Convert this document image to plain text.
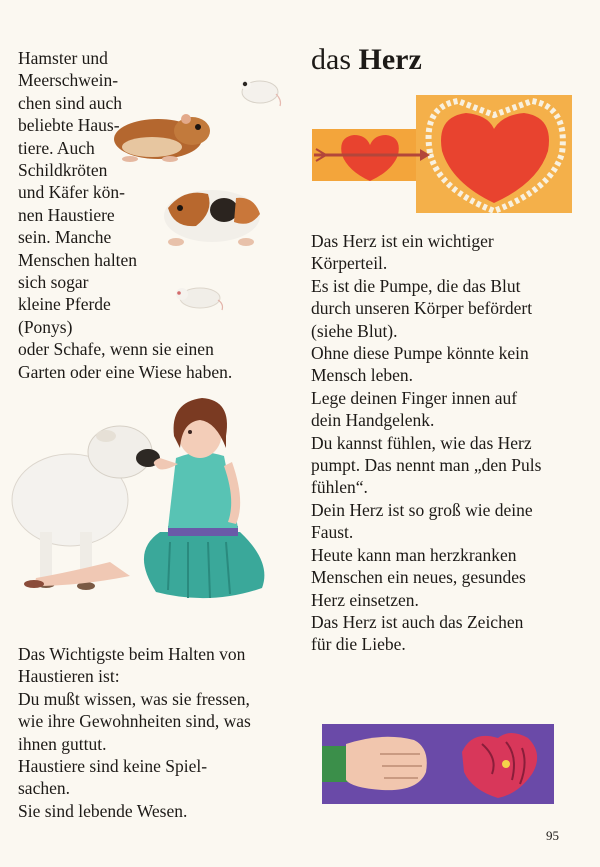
Hamster und
Meerschwein-
chen sind auch
beliebte Haus-
tiere. Auch
Schildkröten
und Käfer kön-
nen Haustiere
sein. Manche
Menschen halten
sich sogar
kleine Pferde
(Ponys)
oder Schafe, wenn sie einen
Garten oder eine Wiese haben.
Das Wichtigste beim Halten von
Haustieren ist:
Du mußt wissen, was sie fressen,
wie ihre Gewohnheiten sind, was
ihnen guttut.
Haustiere sind keine Spiel-
sachen.
Sie sind lebende Wesen.
das Herz
Das Herz ist ein wichtiger
Körperteil.
Es ist die Pumpe, die das Blut
durch unseren Körper befördert
(siehe Blut).
Ohne diese Pumpe könnte kein
Mensch leben.
Lege deinen Finger innen auf
dein Handgelenk.
Du kannst fühlen, wie das Herz
pumpt. Das nennt man „den Puls
fühlen“.
Dein Herz ist so groß wie deine
Faust.
Heute kann man herzkranken
Menschen ein neues, gesundes
Herz einsetzen.
Das Herz ist auch das Zeichen
für die Liebe.
95
